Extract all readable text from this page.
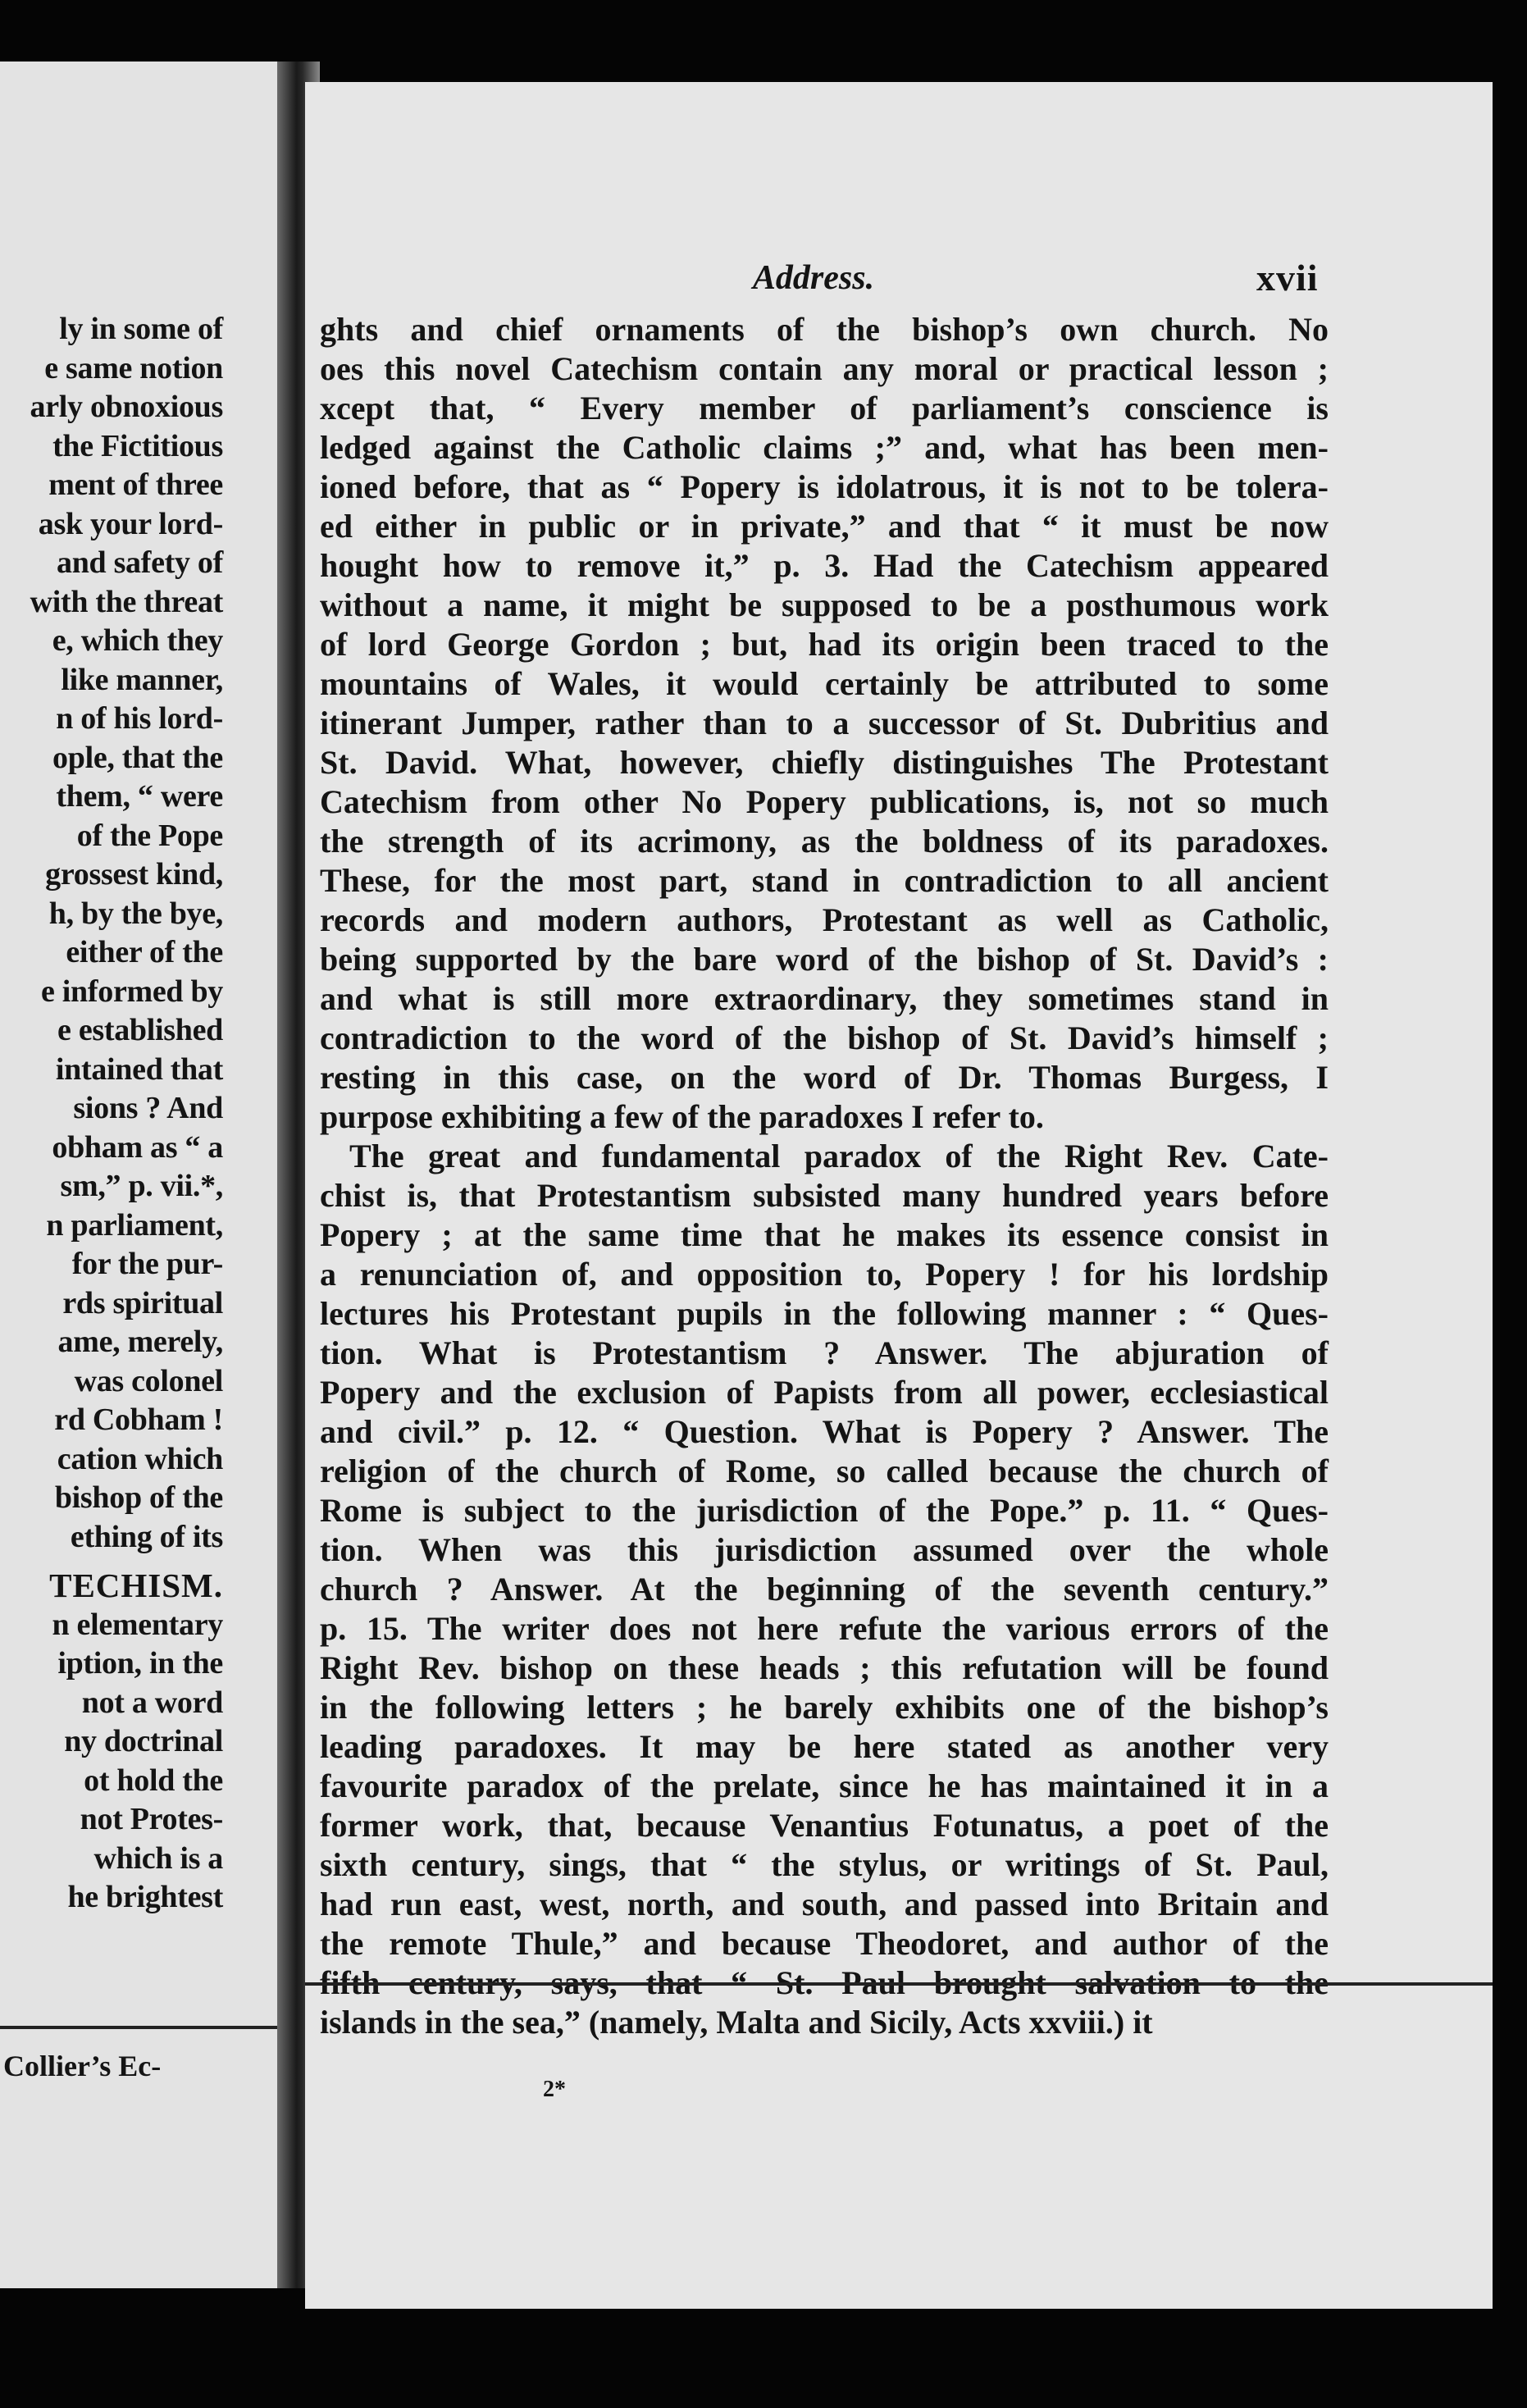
ly in some of
e same notion
arly obnoxious
the Fictitious
ment of three
ask your lord-
and safety of
with the threat
e, which they
like manner,
n of his lord-
ople, that the
them, “ were
of the Pope
grossest kind,
h, by the bye,
either of the
e informed by
e established
intained that
sions ? And
obham as “ a
sm,” p. vii.*,
n parliament,
for the pur-
rds spiritual
ame, merely,
was colonel
rd Cobham !
cation which
bishop of the
ething of its
TECHISM.
n elementary
iption, in the
not a word
ny doctrinal
ot hold the
not Protes-
which is a
he brightest
Collier’s Ec-
Address.	xvii
ghts and chief ornaments of the bishop’s own church. No
oes this novel Catechism contain any moral or practical lesson ;
xcept that, “ Every member of parliament’s conscience is
ledged against the Catholic claims ;” and, what has been men-
ioned before, that as “ Popery is idolatrous, it is not to be tolera-
ed either in public or in private,” and that “ it must be now
hought how to remove it,” p. 3. Had the Catechism appeared
without a name, it might be supposed to be a posthumous work
of lord George Gordon ; but, had its origin been traced to the
mountains of Wales, it would certainly be attributed to some
itinerant Jumper, rather than to a successor of St. Dubritius and
St. David. What, however, chiefly distinguishes The Protestant
Catechism from other No Popery publications, is, not so much
the strength of its acrimony, as the boldness of its paradoxes.
These, for the most part, stand in contradiction to all ancient
records and modern authors, Protestant as well as Catholic,
being supported by the bare word of the bishop of St. David’s :
and what is still more extraordinary, they sometimes stand in
contradiction to the word of the bishop of St. David’s himself ;
resting in this case, on the word of Dr. Thomas Burgess, I
purpose exhibiting a few of the paradoxes I refer to.
The great and fundamental paradox of the Right Rev. Cate-
chist is, that Protestantism subsisted many hundred years before
Popery ; at the same time that he makes its essence consist in
a renunciation of, and opposition to, Popery ! for his lordship
lectures his Protestant pupils in the following manner : “ Ques-
tion. What is Protestantism ? Answer. The abjuration of
Popery and the exclusion of Papists from all power, ecclesiastical
and civil.” p. 12. “ Question. What is Popery ? Answer. The
religion of the church of Rome, so called because the church of
Rome is subject to the jurisdiction of the Pope.” p. 11. “ Ques-
tion. When was this jurisdiction assumed over the whole
church ? Answer. At the beginning of the seventh century.”
p. 15. The writer does not here refute the various errors of the
Right Rev. bishop on these heads ; this refutation will be found
in the following letters ; he barely exhibits one of the bishop’s
leading paradoxes. It may be here stated as another very
favourite paradox of the prelate, since he has maintained it in a
former work, that, because Venantius Fotunatus, a poet of the
sixth century, sings, that “ the stylus, or writings of St. Paul,
had run east, west, north, and south, and passed into Britain and
the remote Thule,” and because Theodoret, and author of the
fifth century, says, that “ St. Paul brought salvation to the
islands in the sea,” (namely, Malta and Sicily, Acts xxviii.) it
2*
